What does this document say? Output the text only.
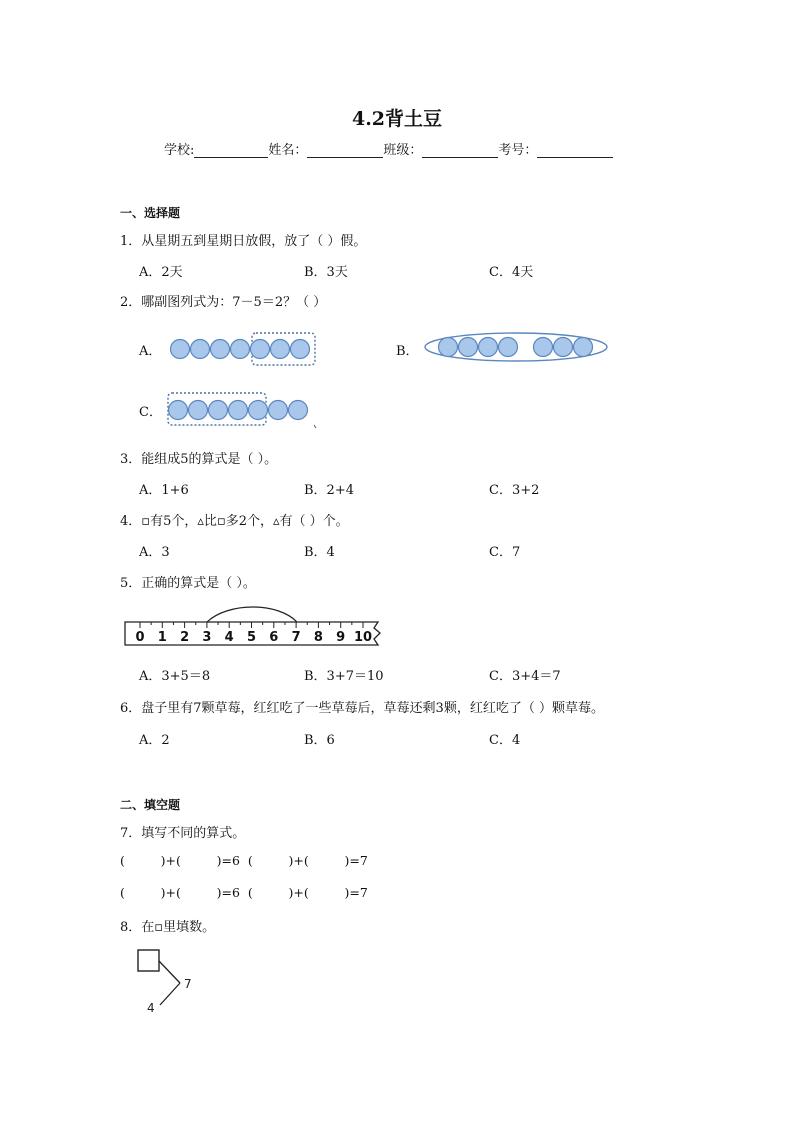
4.2背土豆
学校:	姓名：	班级：	考号：
一、选择题
1．从星期五到星期日放假，放了（ ）假。
A．2天	B．3天	C．4天
2．哪副图列式为：7－5＝2？（ ）
A．	B．
C．
3．能组成5的算式是（ ）。
A．1+6	B．2+4	C．3+2
4．▫有5个，▵比▫多2个，▵有（ ）个。
A．3	B．4	C．7
5．正确的算式是（ ）。
0 1 2 3 4 5 6 7 8 9 10
A．3+5＝8	B．3+7＝10	C．3+4＝7
6．盘子里有7颗草莓，红红吃了一些草莓后，草莓还剩3颗，红红吃了（ ）颗草莓。
A．2	B．6	C．4
二、填空题
7．填写不同的算式。
(         )+(         )=6  (         )+(         )=7
(         )+(         )=6  (         )+(         )=7
8．在▫里填数。
7
4
